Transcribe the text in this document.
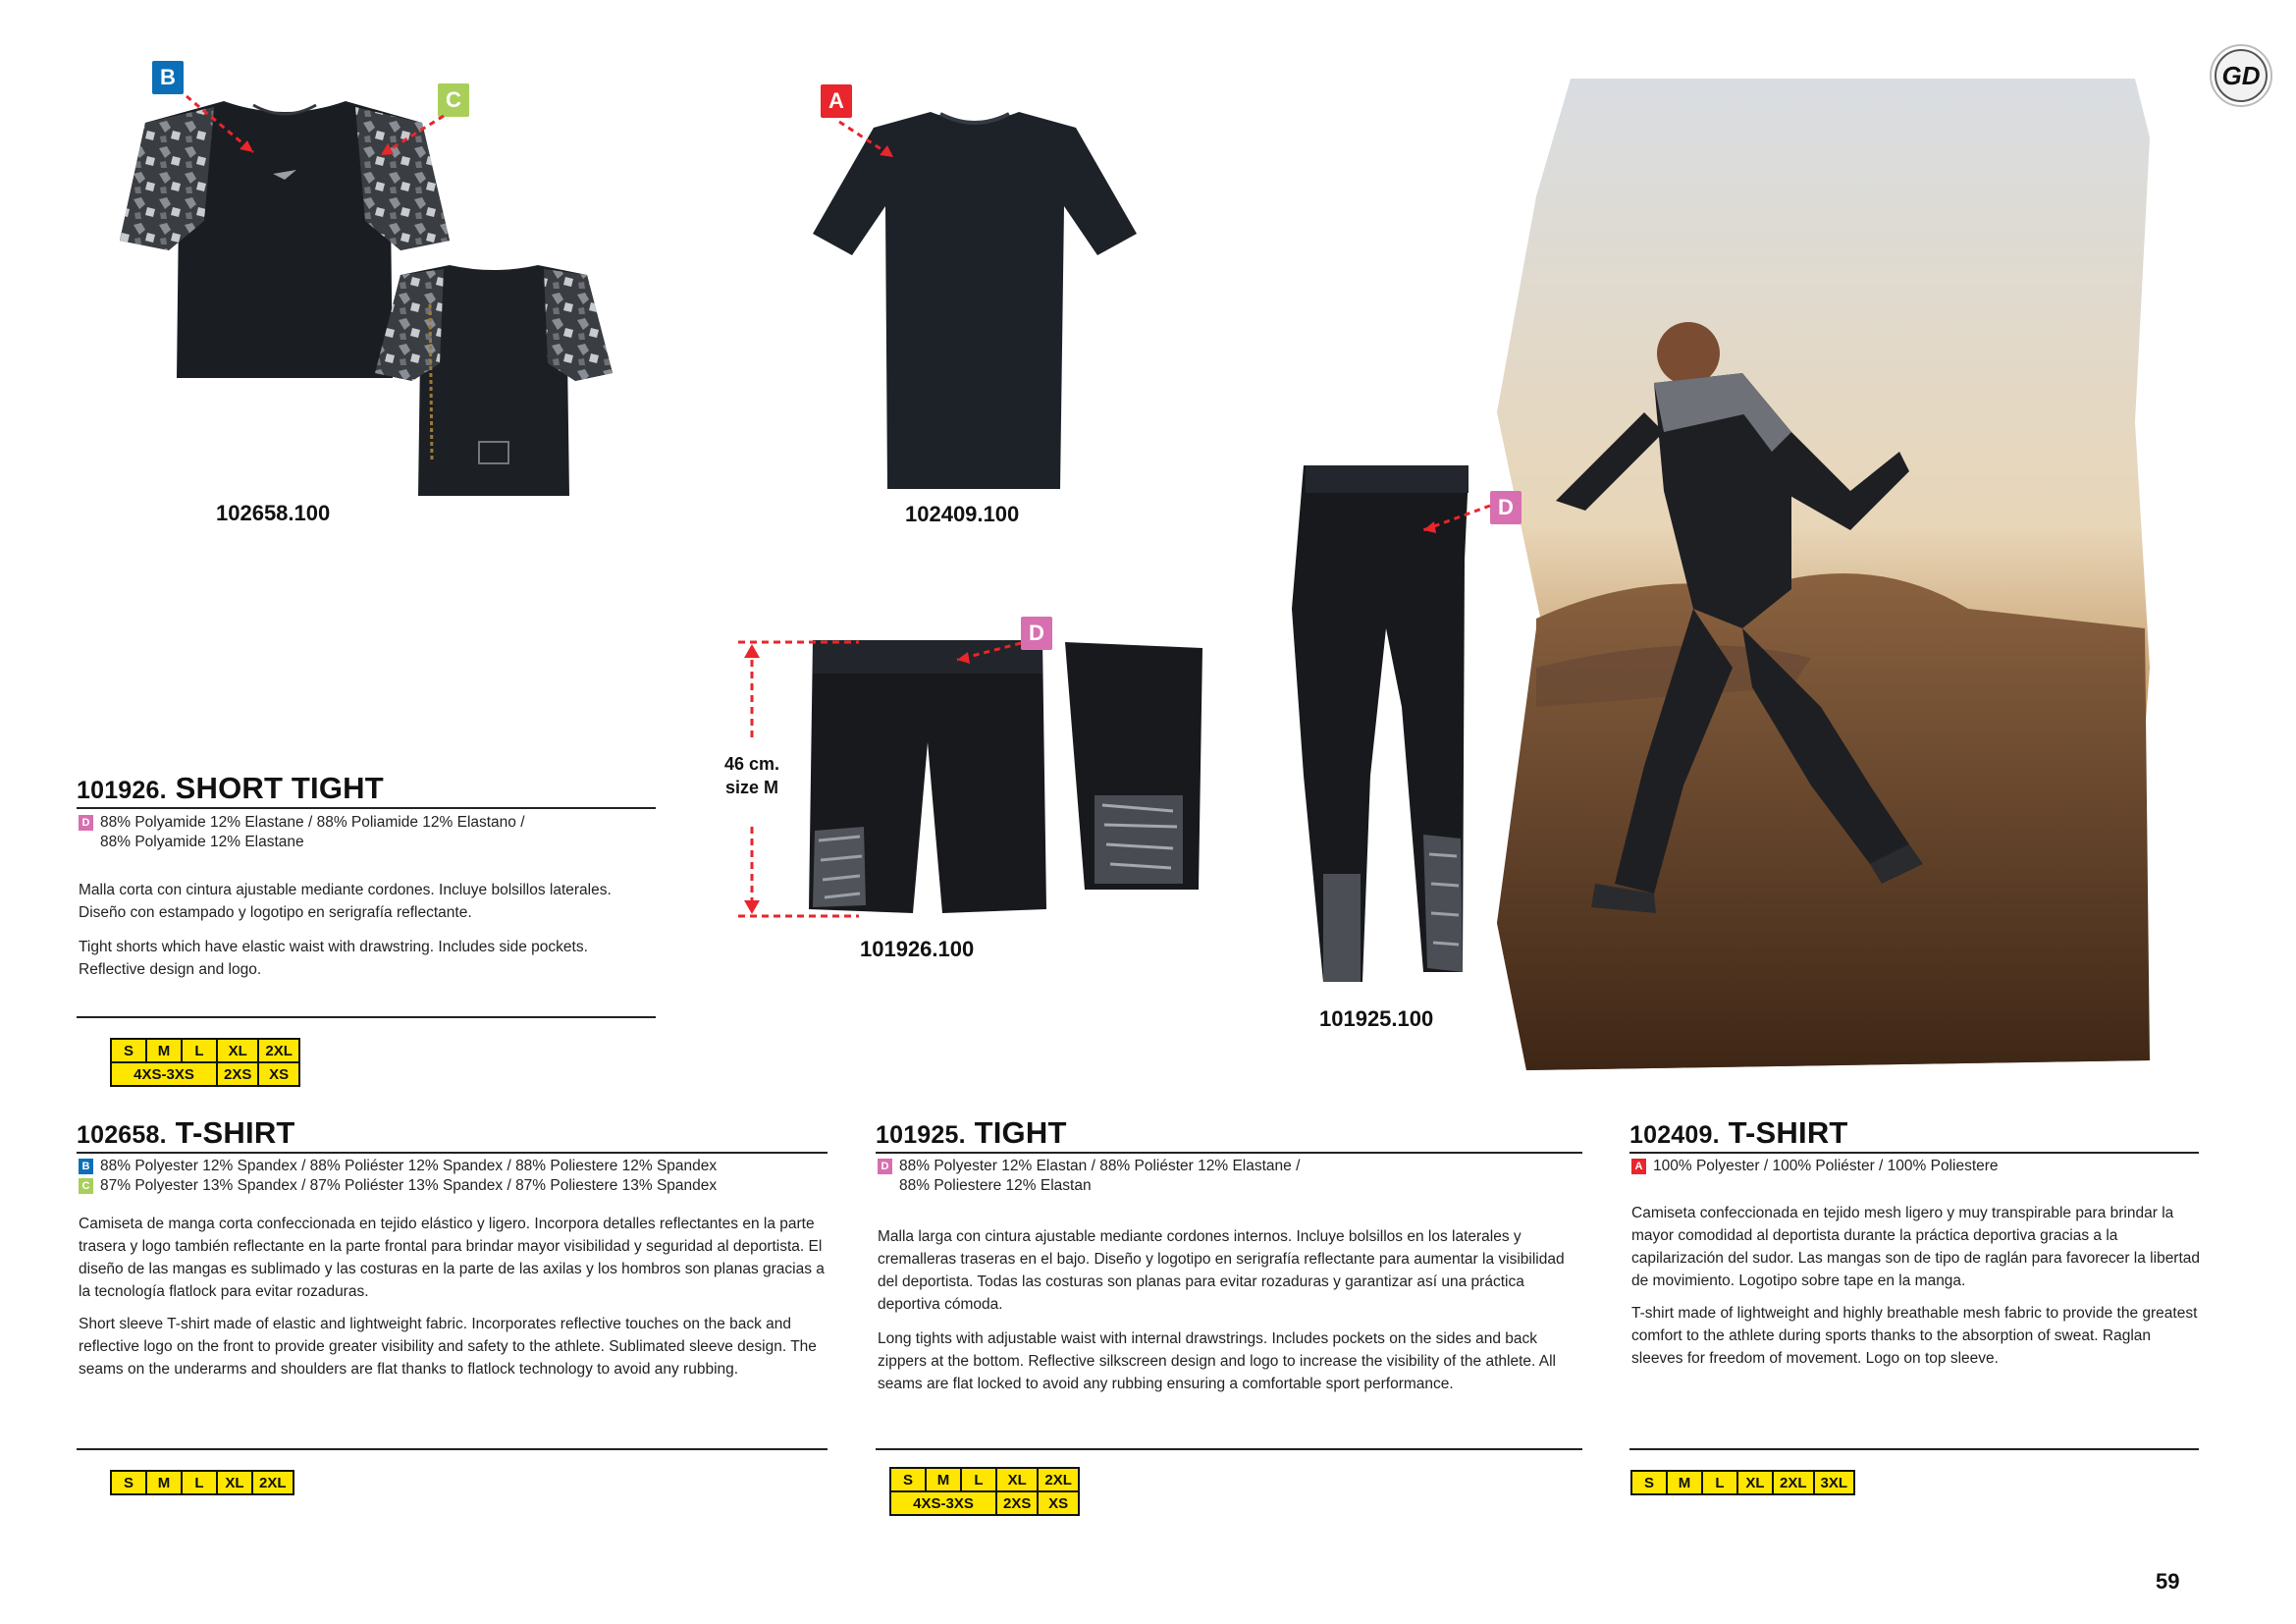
GD
B
C	A
D
D
46 cm.
size M
102658.100	102409.100
101926.100
101925.100
101926. SHORT TIGHT
D 88% Polyamide 12% Elastane / 88% Poliamide 12% Elastano /
88% Polyamide 12% Elastane

Malla corta con cintura ajustable mediante cordones. Incluye bolsillos laterales. Diseño con estampado y logotipo en serigrafía reflectante.

Tight shorts which have elastic waist with drawstring. Includes side pockets. Reflective design and logo.

S	M	L	XL	2XL
4XS-3XS			2XS	XS
102658. T-SHIRT
B 88% Polyester 12% Spandex / 88% Poliéster 12% Spandex / 88% Poliestere 12% Spandex
C 87% Polyester 13% Spandex / 87% Poliéster 13% Spandex / 87% Poliestere 13% Spandex

Camiseta de manga corta confeccionada en tejido elástico y ligero. Incorpora detalles reflectantes en la parte trasera y logo también reflectante en la parte frontal para brindar mayor visibilidad y seguridad al deportista. El diseño de las mangas es sublimado y las costuras en la parte de las axilas y los hombros son planas gracias a la tecnología flatlock para evitar rozaduras.

Short sleeve T-shirt made of elastic and lightweight fabric. Incorporates reflective touches on the back and reflective logo on the front to provide greater visibility and safety to the athlete. Sublimated sleeve design. The seams on the underarms and shoulders are flat thanks to flatlock technology to avoid any rubbing.

S	M	L	XL	2XL
101925. TIGHT
D 88% Polyester 12% Elastan / 88% Poliéster 12% Elastane /
88% Poliestere 12% Elastan

Malla larga con cintura ajustable mediante cordones internos. Incluye bolsillos en los laterales y cremalleras traseras en el bajo. Diseño y logotipo en serigrafía reflectante para aumentar la visibilidad del deportista. Todas las costuras son planas para evitar rozaduras y garantizar así una práctica deportiva cómoda.

Long tights with adjustable waist with internal drawstrings. Includes pockets on the sides and back zippers at the bottom. Reflective silkscreen design and logo to increase the visibility of the athlete. All seams are flat locked to avoid any rubbing ensuring a comfortable sport performance.

S	M	L	XL	2XL
4XS-3XS			2XS	XS
102409. T-SHIRT
A 100% Polyester / 100% Poliéster / 100% Poliestere

Camiseta confeccionada en tejido mesh ligero y muy transpirable para brindar la mayor comodidad al deportista durante la práctica deportiva gracias a la capilarización del sudor. Las mangas son de tipo de raglán para favorecer la libertad de movimiento. Logotipo sobre tape en la manga.

T-shirt made of lightweight and highly breathable mesh fabric to provide the greatest comfort to the athlete during sports thanks to the absorption of sweat. Raglan sleeves for freedom of movement. Logo on top sleeve.

S	M	L	XL	2XL	3XL
59
